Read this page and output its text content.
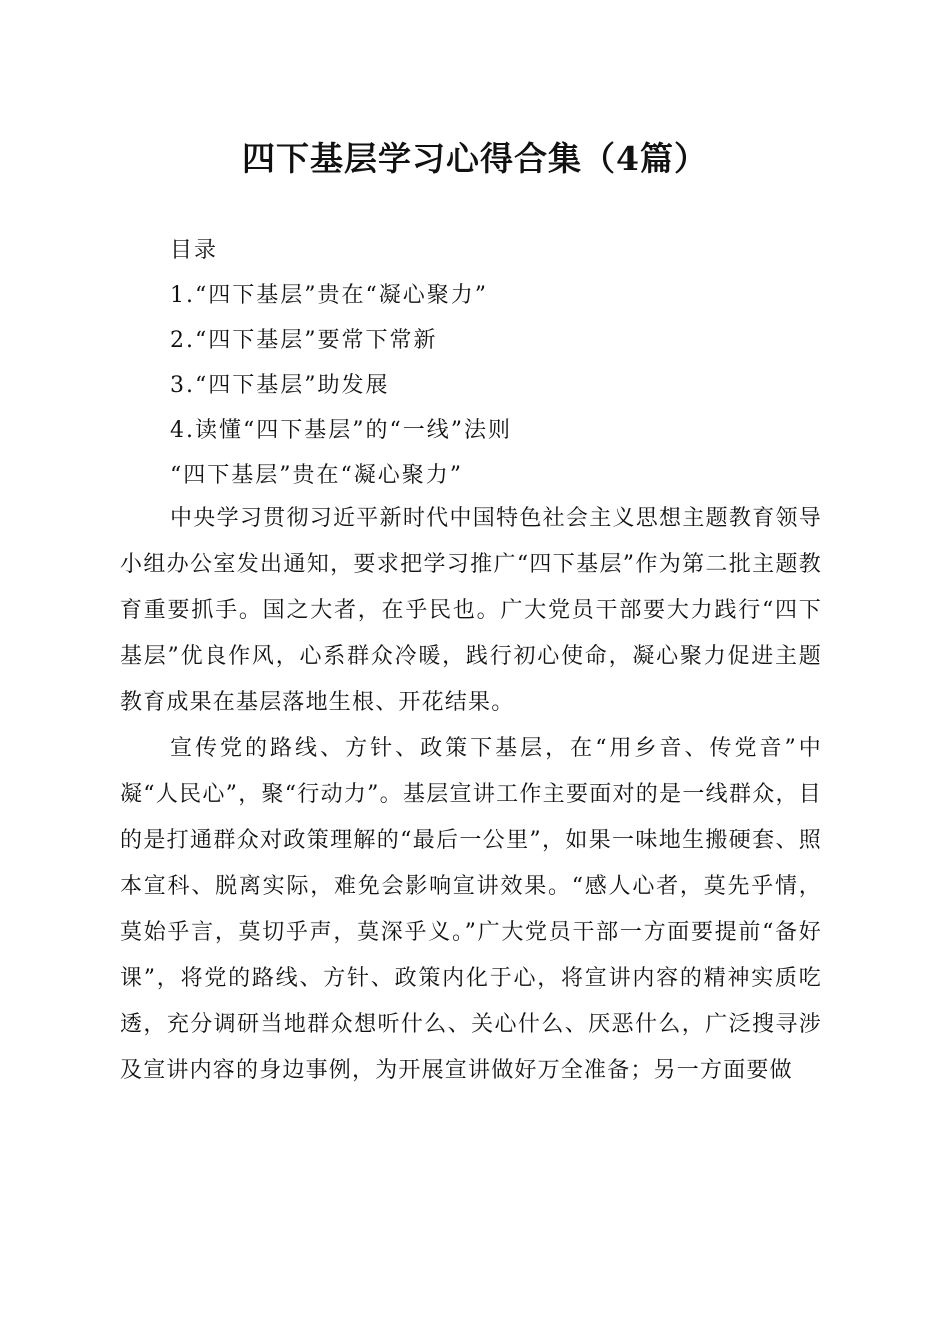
四下基层学习心得合集（4篇）
目录
1.“四下基层”贵在“凝心聚力”
2.“四下基层”要常下常新
3.“四下基层”助发展
4.读懂“四下基层”的“一线”法则
“四下基层”贵在“凝心聚力”

中央学习贯彻习近平新时代中国特色社会主义思想主题教育领导小组办公室发出通知，要求把学习推广“四下基层”作为第二批主题教育重要抓手。国之大者，在乎民也。广大党员干部要大力践行“四下基层”优良作风，心系群众冷暖，践行初心使命，凝心聚力促进主题教育成果在基层落地生根、开花结果。

宣传党的路线、方针、政策下基层，在“用乡音、传党音”中凝“人民心”，聚“行动力”。基层宣讲工作主要面对的是一线群众，目的是打通群众对政策理解的“最后一公里”，如果一味地生搬硬套、照本宣科、脱离实际，难免会影响宣讲效果。“感人心者，莫先乎情，莫始乎言，莫切乎声，莫深乎义。”广大党员干部一方面要提前“备好课”，将党的路线、方针、政策内化于心，将宣讲内容的精神实质吃透，充分调研当地群众想听什么、关心什么、厌恶什么，广泛搜寻涉及宣讲内容的身边事例，为开展宣讲做好万全准备；另一方面要做
